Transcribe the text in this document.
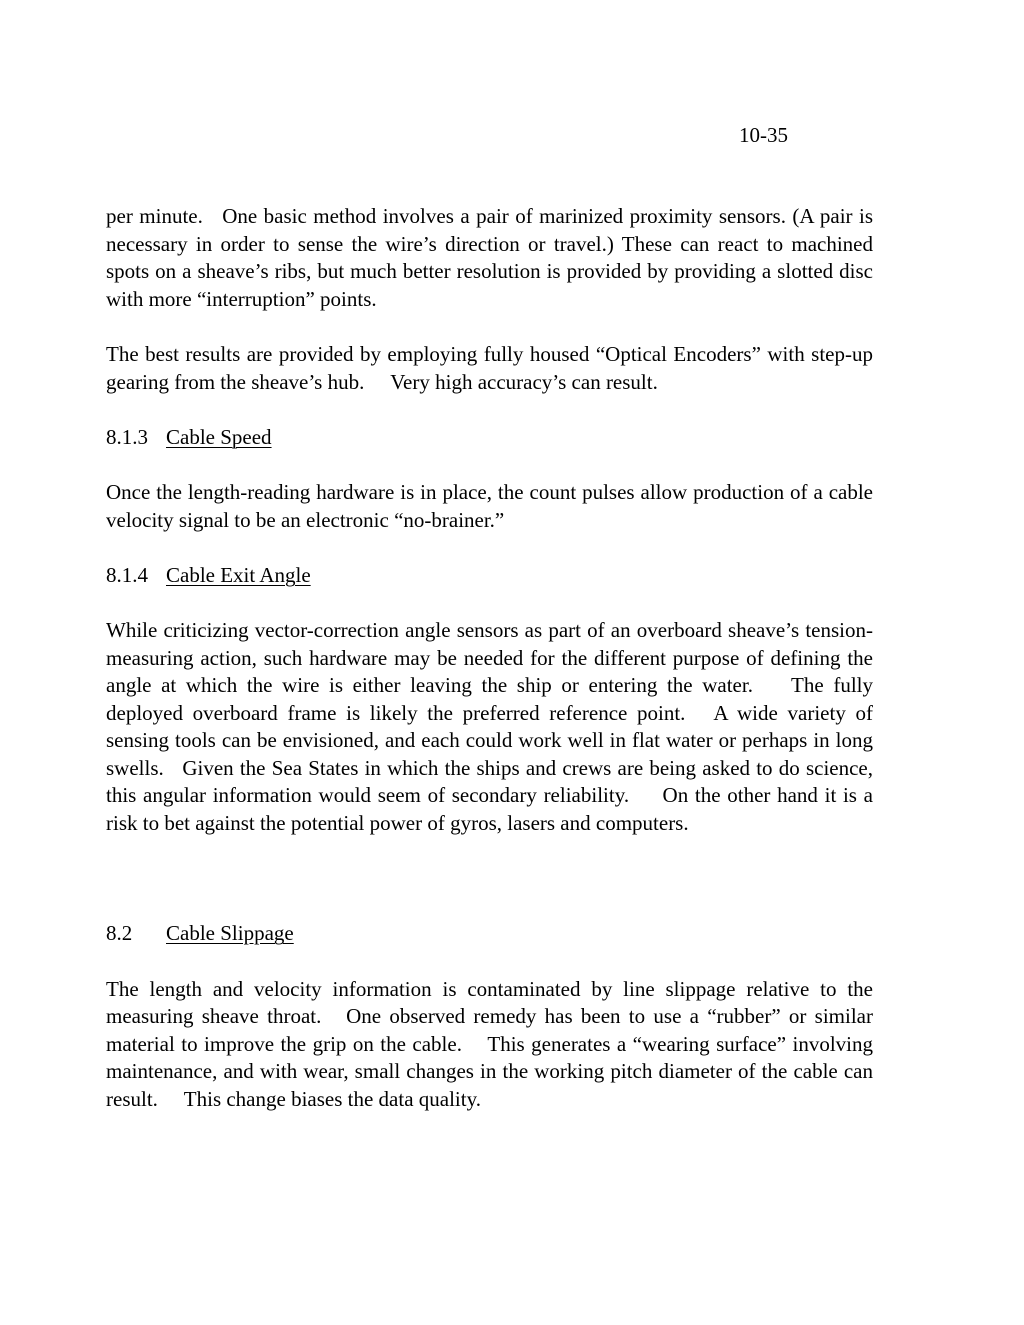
10-35

per minute.   One basic method involves a pair of marinized proximity sensors. (A pair is necessary in order to sense the wire’s direction or travel.) These can react to machined spots on a sheave’s ribs, but much better resolution is provided by providing a slotted disc with more “interruption” points.

The best results are provided by employing fully housed “Optical Encoders” with step-up gearing from the sheave’s hub.     Very high accuracy’s can result.

8.1.3 Cable Speed

Once the length-reading hardware is in place, the count pulses allow production of a cable velocity signal to be an electronic “no-brainer.”

8.1.4 Cable Exit Angle

While criticizing vector-correction angle sensors as part of an overboard sheave’s tension-measuring action, such hardware may be needed for the different purpose of defining the angle at which the wire is either leaving the ship or entering the water.    The fully deployed overboard frame is likely the preferred reference point.   A wide variety of sensing tools can be envisioned, and each could work well in flat water or perhaps in long swells.   Given the Sea States in which the ships and crews are being asked to do science, this angular information would seem of secondary reliability.     On the other hand it is a risk to bet against the potential power of gyros, lasers and computers.

8.2 Cable Slippage

The length and velocity information is contaminated by line slippage relative to the measuring sheave throat.   One observed remedy has been to use a “rubber” or similar material to improve the grip on the cable.    This generates a “wearing surface” involving maintenance, and with wear, small changes in the working pitch diameter of the cable can result.     This change biases the data quality.
